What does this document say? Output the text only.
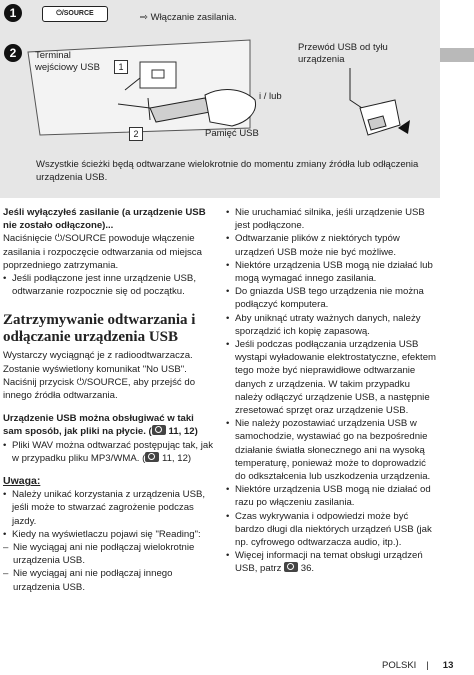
1	⏻/SOURCE	⇨ Włączanie zasilania.
2	Terminal wejściowy USB	1
2
i / lub
Przewód USB od tyłu urządzenia
Pamięć USB
Wszystkie ścieżki będą odtwarzane wielokrotnie do momentu zmiany źródła lub odłączenia urządzenia USB.

Jeśli wyłączyłeś zasilanie (a urządzenie USB nie zostało odłączone)...

Naciśnięcie ⏻/SOURCE powoduje włączenie zasilania i rozpoczęcie odtwarzania od miejsca poprzedniego zatrzymania.

• Jeśli podłączone jest inne urządzenie USB, odtwarzanie rozpocznie się od początku.

Zatrzymywanie odtwarzania i odłączanie urządzenia USB

Wystarczy wyciągnąć je z radioodtwarzacza. Zostanie wyświetlony komunikat "No USB". Naciśnij przycisk ⏻/SOURCE, aby przejść do innego źródła odtwarzania.

Urządzenie USB można obsługiwać w taki sam sposób, jak pliki na płycie. ( 11, 12)

• Pliki WAV można odtwarzać postępując tak, jak w przypadku pliku MP3/WMA. ( 11, 12)

Uwaga:

• Należy unikać korzystania z urządzenia USB, jeśli może to stwarzać zagrożenie podczas jazdy.

• Kiedy na wyświetlaczu pojawi się "Reading":

– Nie wyciągaj ani nie podłączaj wielokrotnie urządzenia USB.

– Nie wyciągaj ani nie podłączaj innego urządzenia USB.

• Nie uruchamiać silnika, jeśli urządzenie USB jest podłączone.

• Odtwarzanie plików z niektórych typów urządzeń USB może nie być możliwe.

• Niektóre urządzenia USB mogą nie działać lub mogą wymagać innego zasilania.

• Do gniazda USB tego urządzenia nie można podłączyć komputera.

• Aby uniknąć utraty ważnych danych, należy sporządzić ich kopię zapasową.

• Jeśli podczas podłączania urządzenia USB wystąpi wyładowanie elektrostatyczne, efektem tego może być nieprawidłowe odtwarzanie danych z urządzenia. W takim przypadku należy odłączyć urządzenie USB, a następnie zresetować sprzęt oraz urządzenie USB.

• Nie należy pozostawiać urządzenia USB w samochodzie, wystawiać go na bezpośrednie działanie światła słonecznego ani na wysoką temperaturę, ponieważ może to doprowadzić do odkształcenia lub uszkodzenia urządzenia.

• Niektóre urządzenia USB mogą nie działać od razu po włączeniu zasilania.

• Czas wykrywania i odpowiedzi może być bardzo długi dla niektórych urządzeń USB (jak np. cyfrowego odtwarzacza audio, itp.).

• Więcej informacji na temat obsługi urządzeń USB, patrz 36.

POLSKI | 13
